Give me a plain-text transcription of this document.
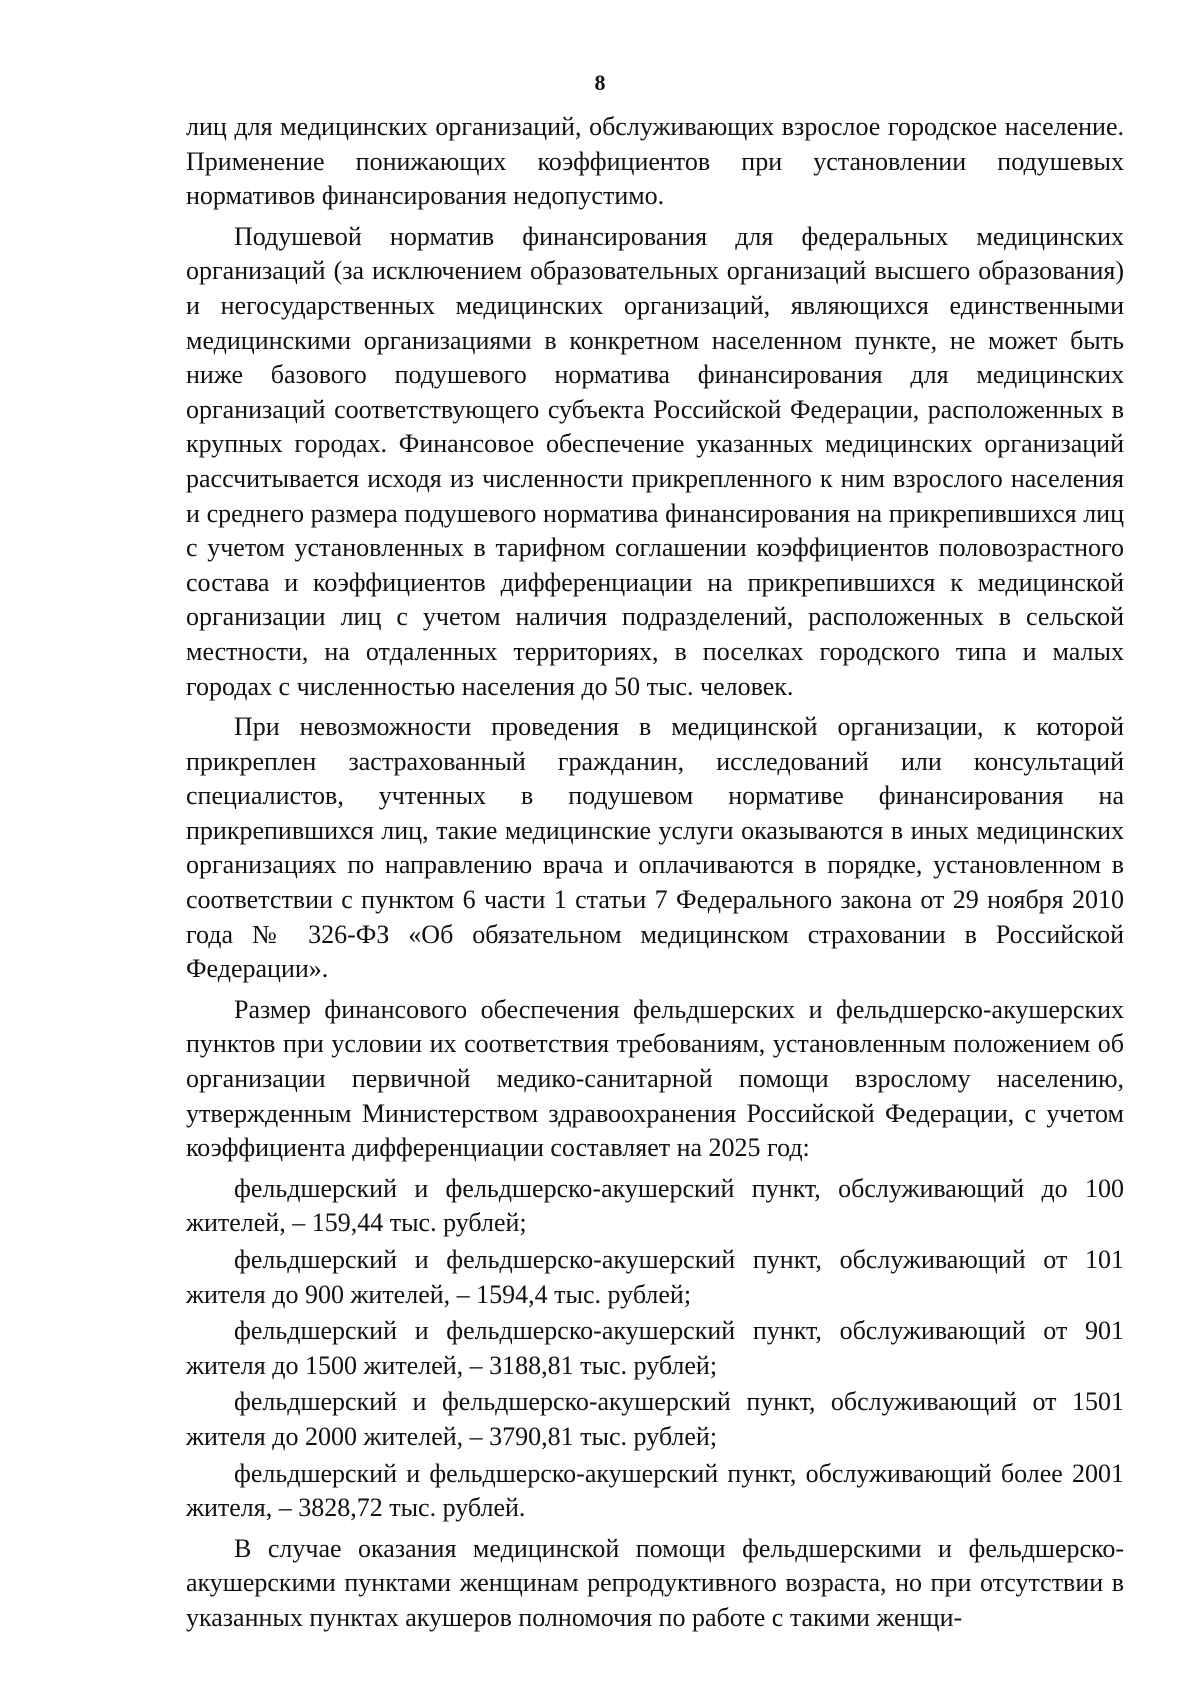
8

лиц для медицинских организаций, обслуживающих взрослое городское население. Применение понижающих коэффициентов при установлении подушевых нормативов финансирования недопустимо.

Подушевой норматив финансирования для федеральных медицинских организаций (за исключением образовательных организаций высшего образования) и негосударственных медицинских организаций, являющихся единственными медицинскими организациями в конкретном населенном пункте, не может быть ниже базового подушевого норматива финансирования для медицинских организаций соответствующего субъекта Российской Федерации, расположенных в крупных городах. Финансовое обеспечение указанных медицинских организаций рассчитывается исходя из численности прикрепленного к ним взрослого населения и среднего размера подушевого норматива финансирования на прикрепившихся лиц с учетом установленных в тарифном соглашении коэффициентов половозрастного состава и коэффициентов дифференциации на прикрепившихся к медицинской организации лиц с учетом наличия подразделений, расположенных в сельской местности, на отдаленных территориях, в поселках городского типа и малых городах с численностью населения до 50 тыс. человек.

При невозможности проведения в медицинской организации, к которой прикреплен застрахованный гражданин, исследований или консультаций специалистов, учтенных в подушевом нормативе финансирования на прикрепившихся лиц, такие медицинские услуги оказываются в иных медицинских организациях по направлению врача и оплачиваются в порядке, установленном в соответствии с пунктом 6 части 1 статьи 7 Федерального закона от 29 ноября 2010 года № 326-ФЗ «Об обязательном медицинском страховании в Российской Федерации».

Размер финансового обеспечения фельдшерских и фельдшерско-акушерских пунктов при условии их соответствия требованиям, установленным положением об организации первичной медико-санитарной помощи взрослому населению, утвержденным Министерством здравоохранения Российской Федерации, с учетом коэффициента дифференциации составляет на 2025 год:

фельдшерский и фельдшерско-акушерский пункт, обслуживающий до 100 жителей, – 159,44 тыс. рублей;

фельдшерский и фельдшерско-акушерский пункт, обслуживающий от 101 жителя до 900 жителей, – 1594,4 тыс. рублей;

фельдшерский и фельдшерско-акушерский пункт, обслуживающий от 901 жителя до 1500 жителей, – 3188,81 тыс. рублей;

фельдшерский и фельдшерско-акушерский пункт, обслуживающий от 1501 жителя до 2000 жителей, – 3790,81 тыс. рублей;

фельдшерский и фельдшерско-акушерский пункт, обслуживающий более 2001 жителя, – 3828,72 тыс. рублей.

В случае оказания медицинской помощи фельдшерскими и фельдшерско-акушерскими пунктами женщинам репродуктивного возраста, но при отсутствии в указанных пунктах акушеров полномочия по работе с такими женщи-
